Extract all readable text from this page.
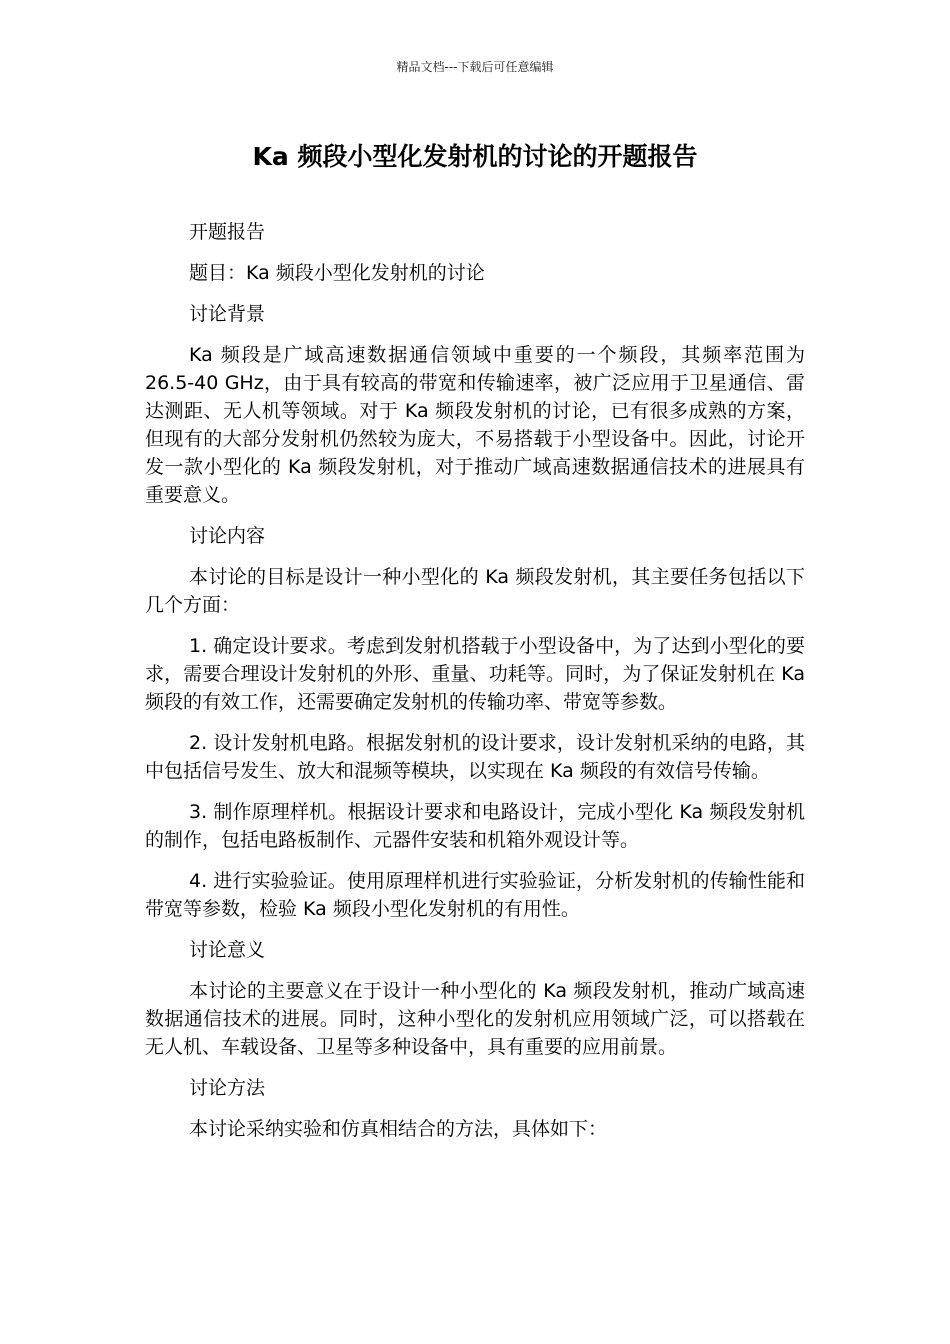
精品文档---下载后可任意编辑
Ka 频段小型化发射机的讨论的开题报告

开题报告

题目：Ka 频段小型化发射机的讨论

讨论背景

Ka 频段是广域高速数据通信领域中重要的一个频段，其频率范围为 26.5-40 GHz，由于具有较高的带宽和传输速率，被广泛应用于卫星通信、雷达测距、无人机等领域。对于 Ka 频段发射机的讨论，已有很多成熟的方案，但现有的大部分发射机仍然较为庞大，不易搭载于小型设备中。因此，讨论开发一款小型化的 Ka 频段发射机，对于推动广域高速数据通信技术的进展具有重要意义。

讨论内容

本讨论的目标是设计一种小型化的 Ka 频段发射机，其主要任务包括以下几个方面：

1. 确定设计要求。考虑到发射机搭载于小型设备中，为了达到小型化的要求，需要合理设计发射机的外形、重量、功耗等。同时，为了保证发射机在 Ka 频段的有效工作，还需要确定发射机的传输功率、带宽等参数。

2. 设计发射机电路。根据发射机的设计要求，设计发射机采纳的电路，其中包括信号发生、放大和混频等模块，以实现在 Ka 频段的有效信号传输。

3. 制作原理样机。根据设计要求和电路设计，完成小型化 Ka 频段发射机的制作，包括电路板制作、元器件安装和机箱外观设计等。

4. 进行实验验证。使用原理样机进行实验验证，分析发射机的传输性能和带宽等参数，检验 Ka 频段小型化发射机的有用性。

讨论意义

本讨论的主要意义在于设计一种小型化的 Ka 频段发射机，推动广域高速数据通信技术的进展。同时，这种小型化的发射机应用领域广泛，可以搭载在无人机、车载设备、卫星等多种设备中，具有重要的应用前景。

讨论方法

本讨论采纳实验和仿真相结合的方法，具体如下：
